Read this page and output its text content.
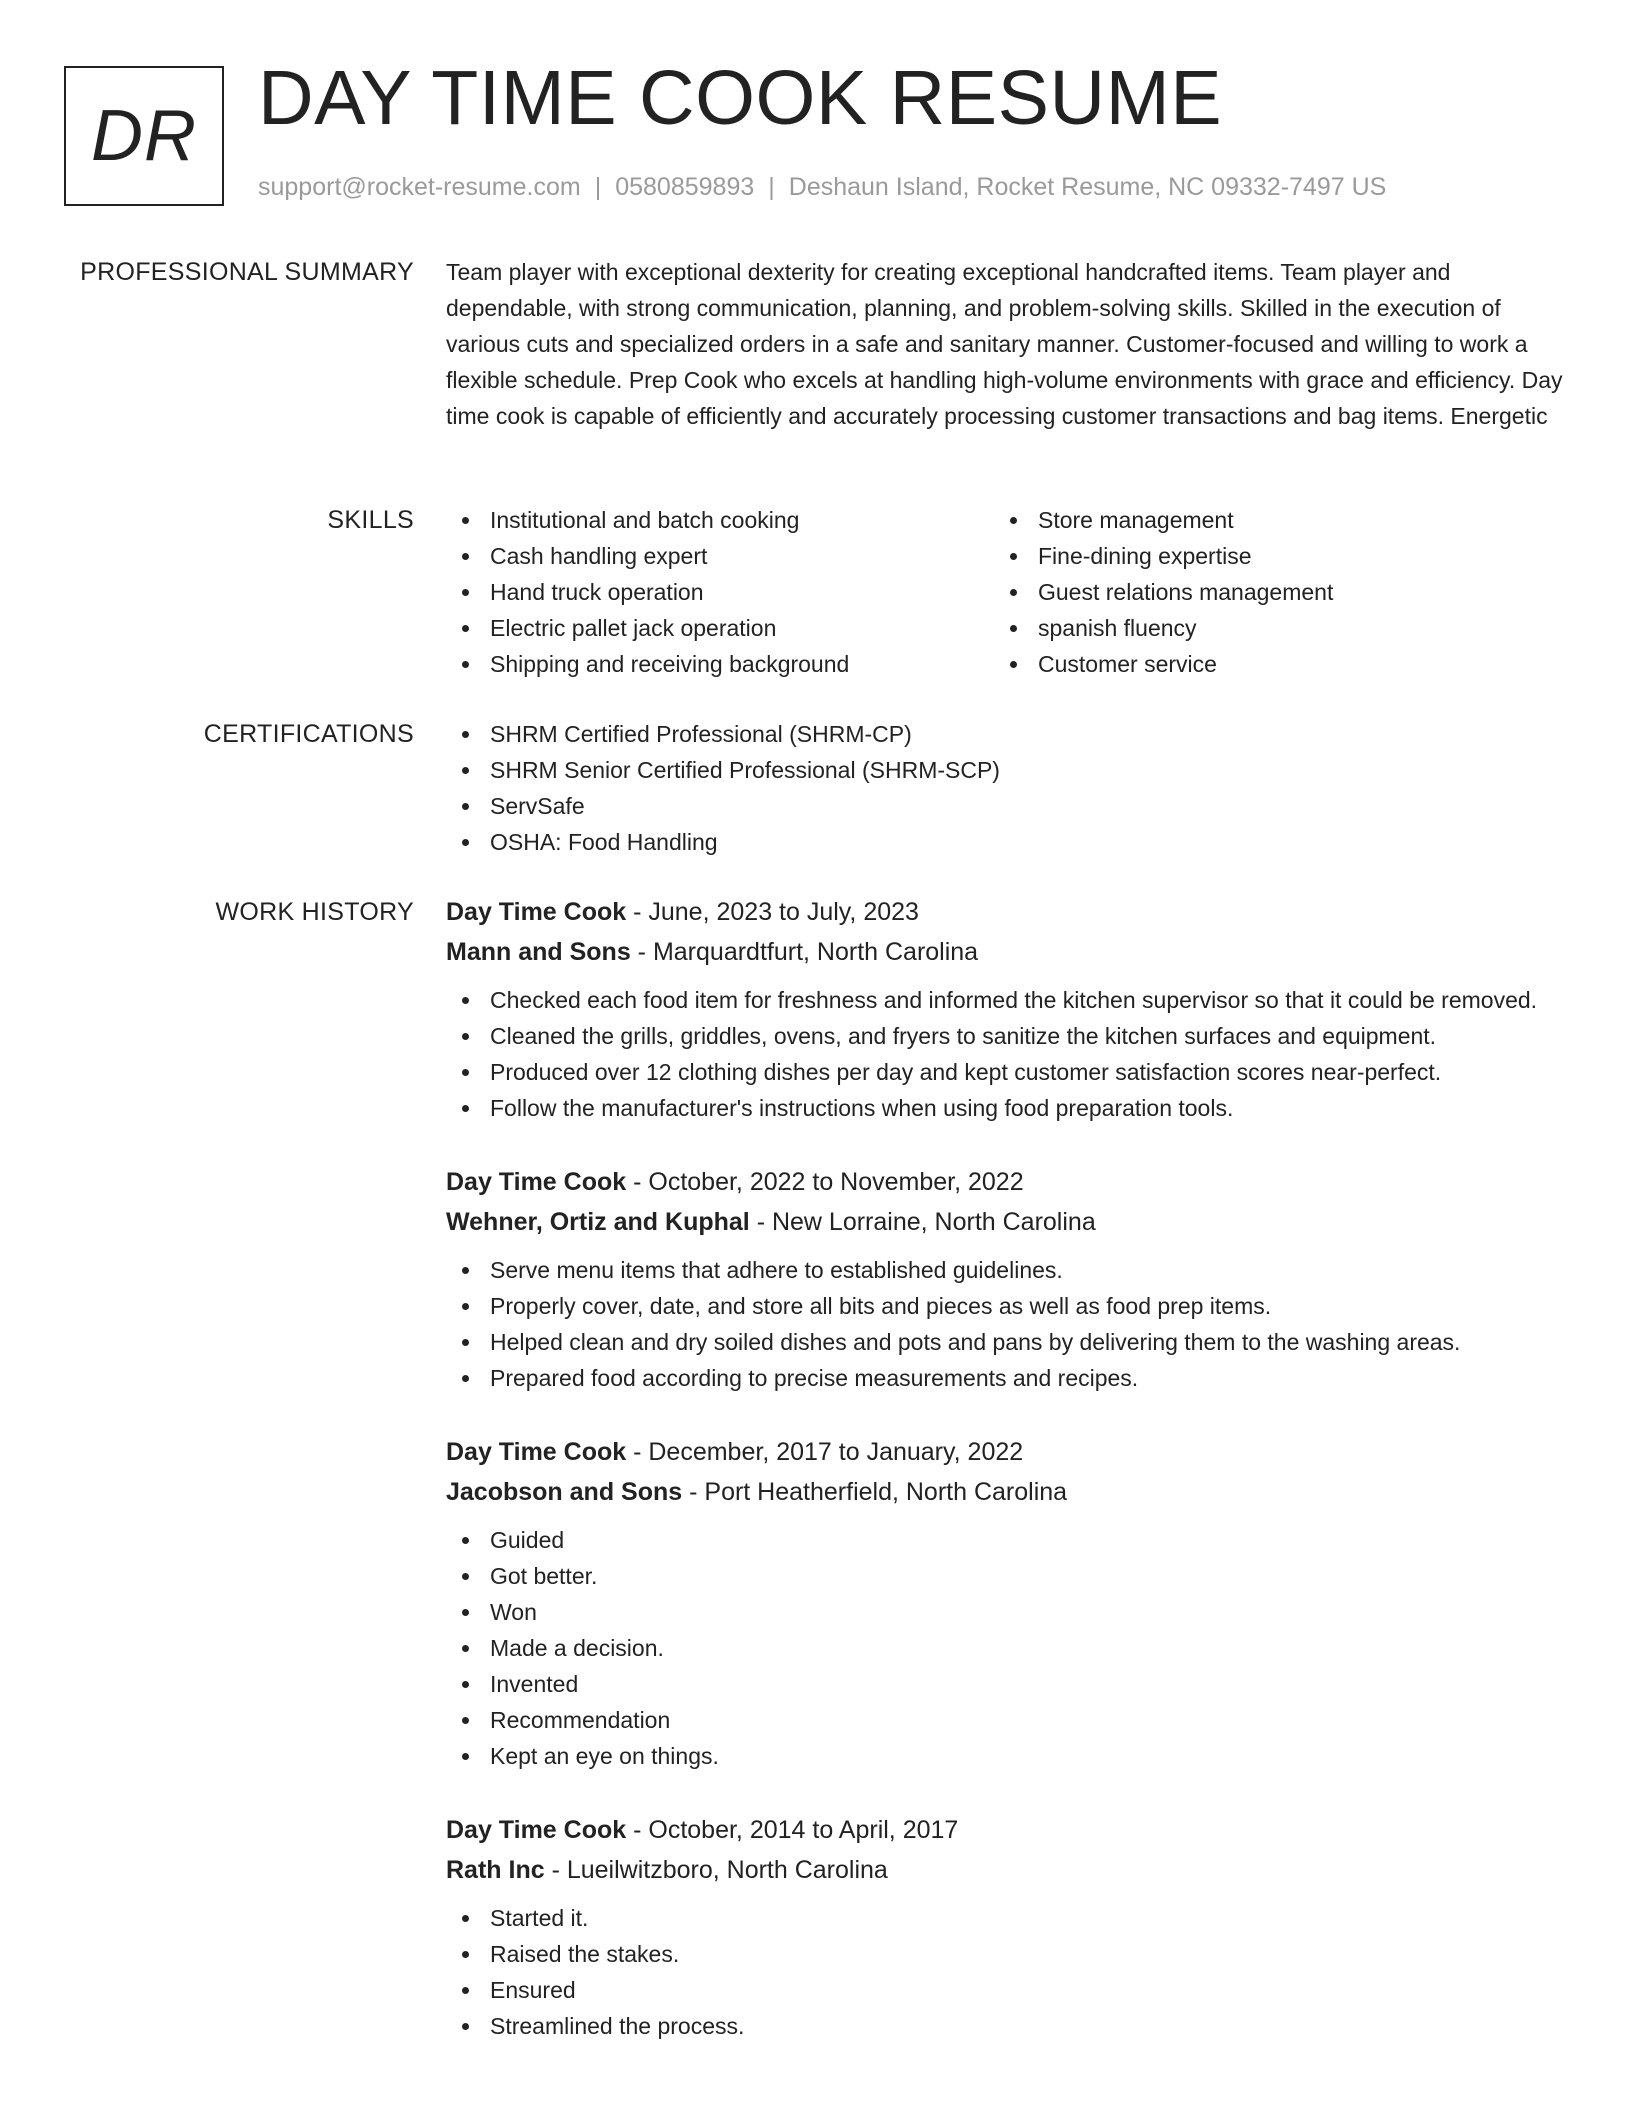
DR DAY TIME COOK RESUME
support@rocket-resume.com | 0580859893 | Deshaun Island, Rocket Resume, NC 09332-7497 US
PROFESSIONAL SUMMARY Team player with exceptional dexterity for creating exceptional handcrafted items. Team player and dependable, with strong communication, planning, and problem-solving skills. Skilled in the execution of various cuts and specialized orders in a safe and sanitary manner. Customer-focused and willing to work a flexible schedule. Prep Cook who excels at handling high-volume environments with grace and efficiency. Day time cook is capable of efficiently and accurately processing customer transactions and bag items. Energetic

SKILLS	Institutional and batch cooking
Cash handling expert
Hand truck operation
Electric pallet jack operation
Shipping and receiving background
Store management
Fine-dining expertise
Guest relations management
spanish fluency
Customer service
CERTIFICATIONS	SHRM Certified Professional (SHRM-CP)
SHRM Senior Certified Professional (SHRM-SCP)
ServSafe
OSHA: Food Handling
WORK HISTORY Day Time Cook - June, 2023 to July, 2023
Mann and Sons - Marquardtfurt, North Carolina
Checked each food item for freshness and informed the kitchen supervisor so that it could be removed.
Cleaned the grills, griddles, ovens, and fryers to sanitize the kitchen surfaces and equipment.
Produced over 12 clothing dishes per day and kept customer satisfaction scores near-perfect.
Follow the manufacturer's instructions when using food preparation tools.
Day Time Cook - October, 2022 to November, 2022
Wehner, Ortiz and Kuphal - New Lorraine, North Carolina
Serve menu items that adhere to established guidelines.
Properly cover, date, and store all bits and pieces as well as food prep items.
Helped clean and dry soiled dishes and pots and pans by delivering them to the washing areas.
Prepared food according to precise measurements and recipes.
Day Time Cook - December, 2017 to January, 2022
Jacobson and Sons - Port Heatherfield, North Carolina
Guided
Got better.
Won
Made a decision.
Invented
Recommendation
Kept an eye on things.
Day Time Cook - October, 2014 to April, 2017
Rath Inc - Lueilwitzboro, North Carolina
Started it.
Raised the stakes.
Ensured
Streamlined the process.
